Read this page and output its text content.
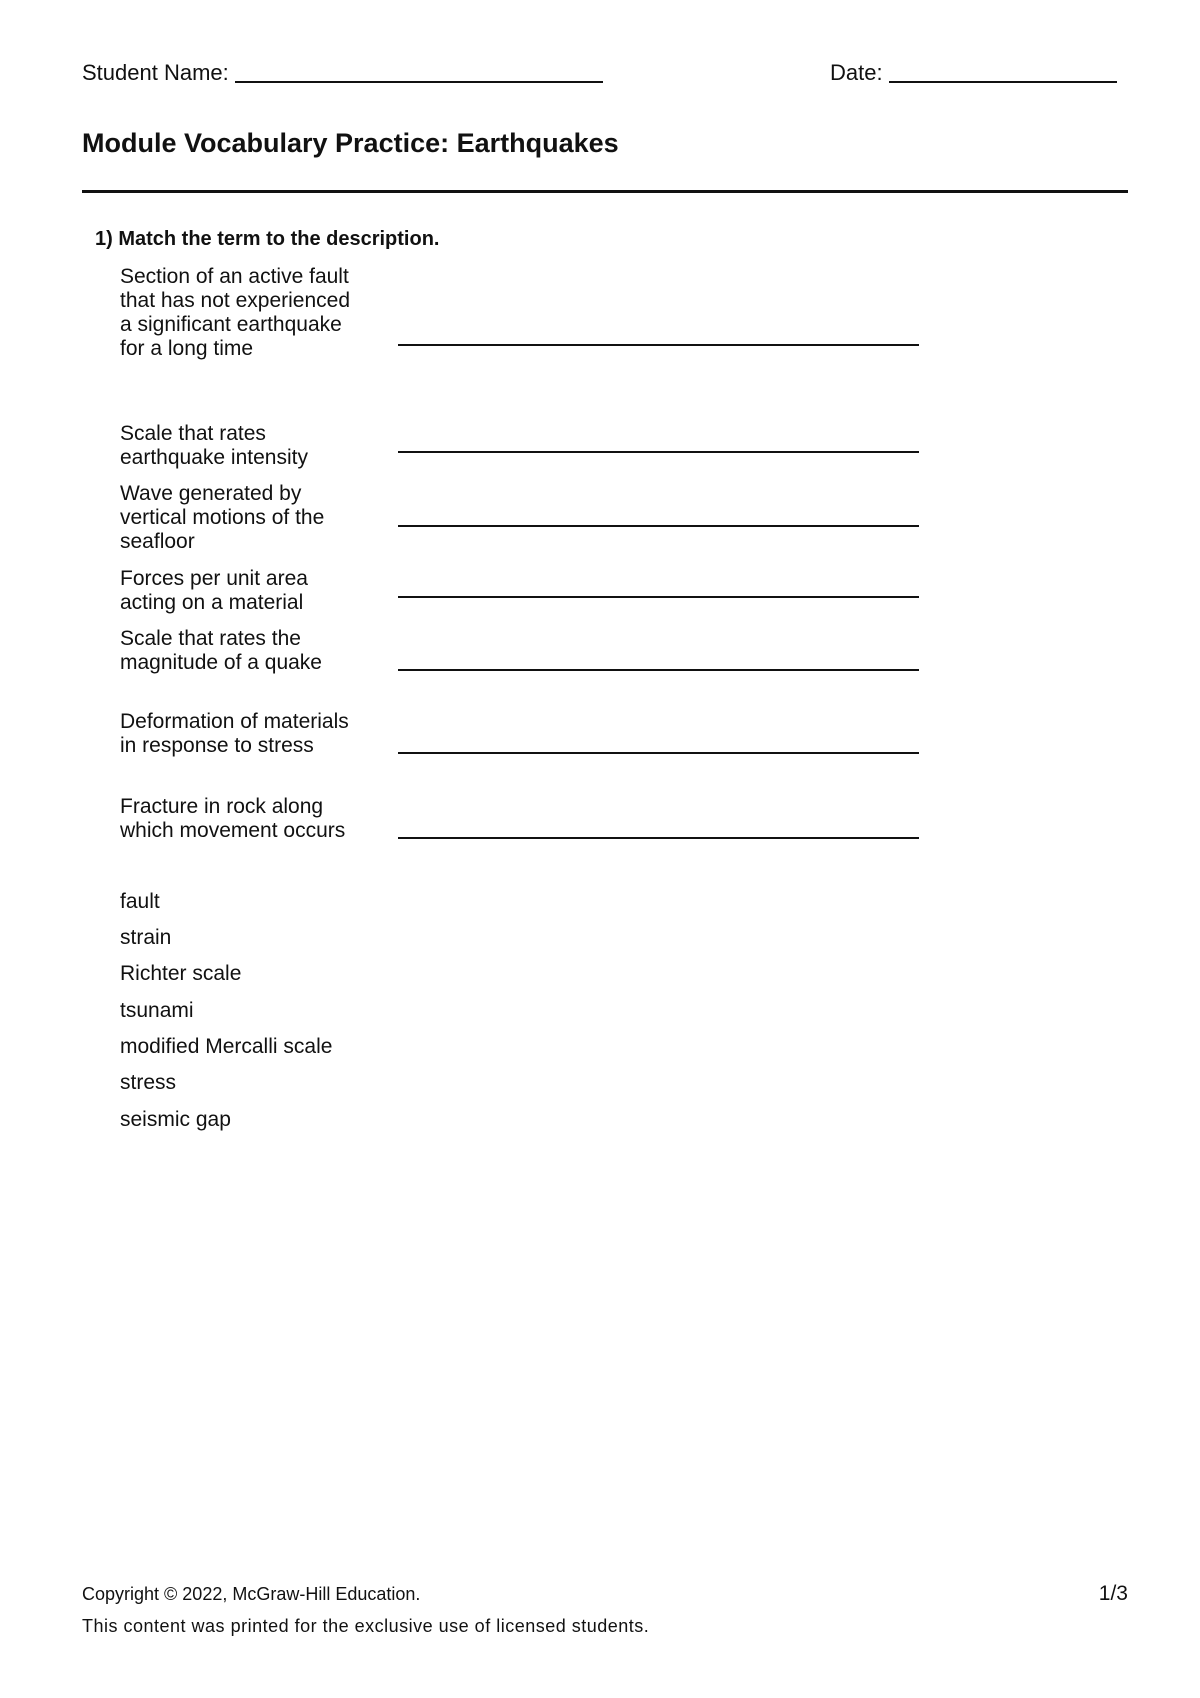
Student Name:	Date:
Module Vocabulary Practice: Earthquakes
1) Match the term to the description.
Section of an active fault that has not experienced a significant earthquake for a long time
Scale that rates earthquake intensity
Wave generated by vertical motions of the seafloor
Forces per unit area acting on a material
Scale that rates the magnitude of a quake
Deformation of materials in response to stress
Fracture in rock along which movement occurs
fault
strain
Richter scale
tsunami
modified Mercalli scale
stress
seismic gap
Copyright © 2022, McGraw-Hill Education.	1/3
This content was printed for the exclusive use of licensed students.
